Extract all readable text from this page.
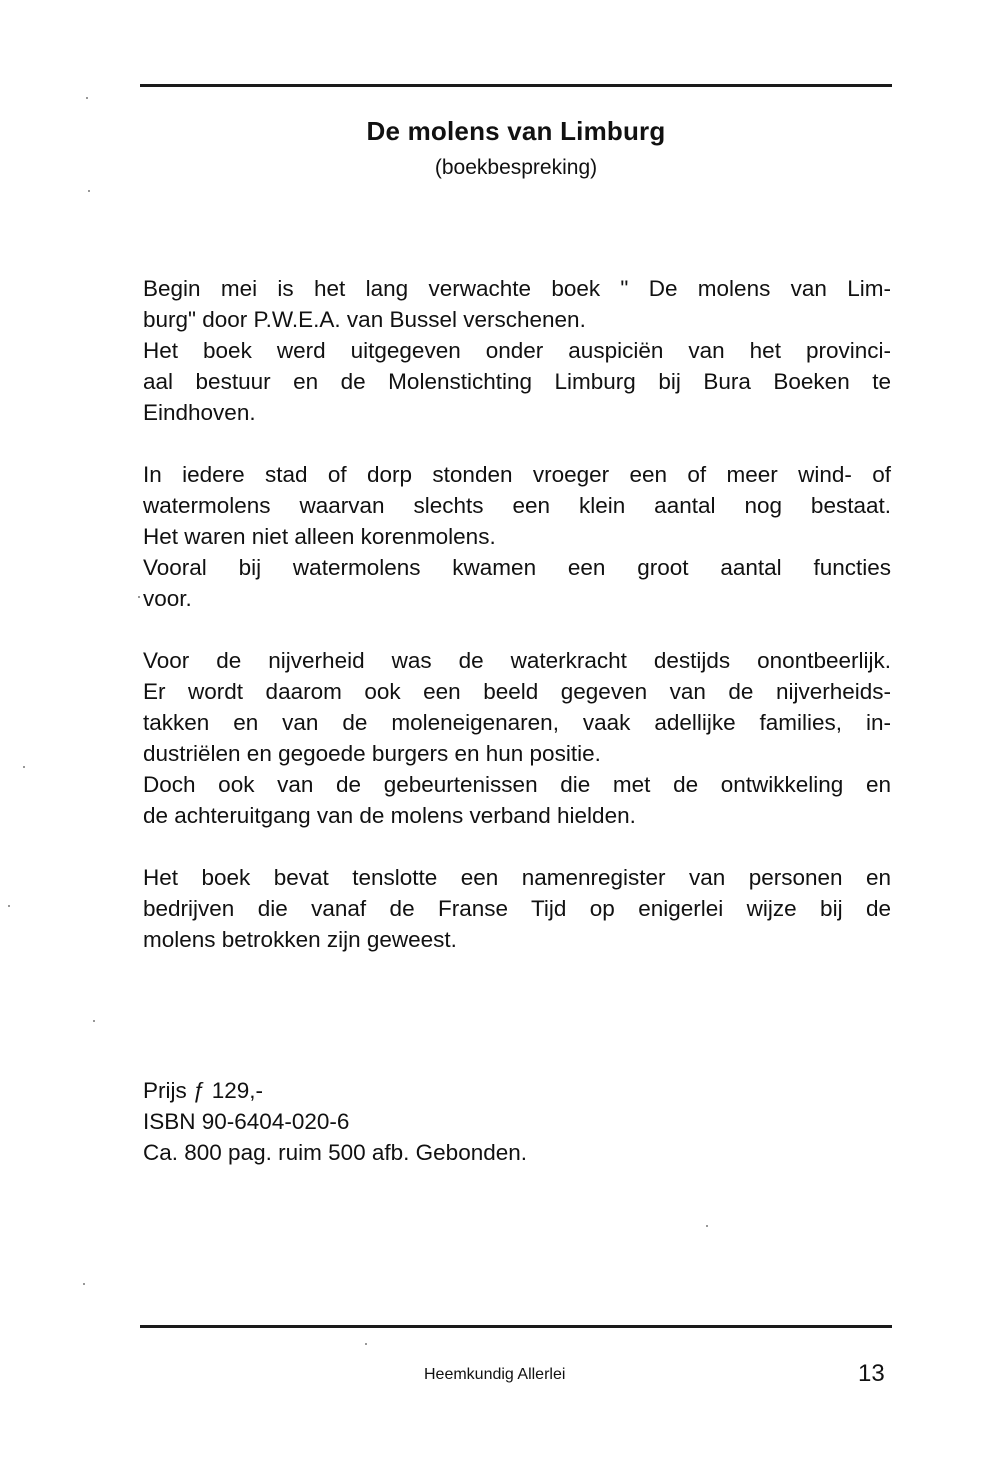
De molens van Limburg
(boekbespreking)
Begin mei is het lang verwachte boek " De molens van Lim-
burg" door P.W.E.A. van Bussel verschenen.
Het boek werd uitgegeven onder auspiciën van het provinci-
aal bestuur en de Molenstichting Limburg bij Bura Boeken te
Eindhoven.
In iedere stad of dorp stonden vroeger een of meer wind- of
watermolens waarvan slechts een klein aantal nog bestaat.
Het waren niet alleen korenmolens.
Vooral bij watermolens kwamen een groot aantal functies
voor.
Voor de nijverheid was de waterkracht destijds onontbeerlijk.
Er wordt daarom ook een beeld gegeven van de nijverheids-
takken en van de moleneigenaren, vaak adellijke families, in-
dustriëlen en gegoede burgers en hun positie.
Doch ook van de gebeurtenissen die met de ontwikkeling en
de achteruitgang van de molens verband hielden.
Het boek bevat tenslotte een namenregister van personen en
bedrijven die vanaf de Franse Tijd op enigerlei wijze bij de
molens betrokken zijn geweest.
Prijs ƒ 129,-
ISBN 90-6404-020-6
Ca. 800 pag. ruim 500 afb. Gebonden.
Heemkundig Allerlei	13
